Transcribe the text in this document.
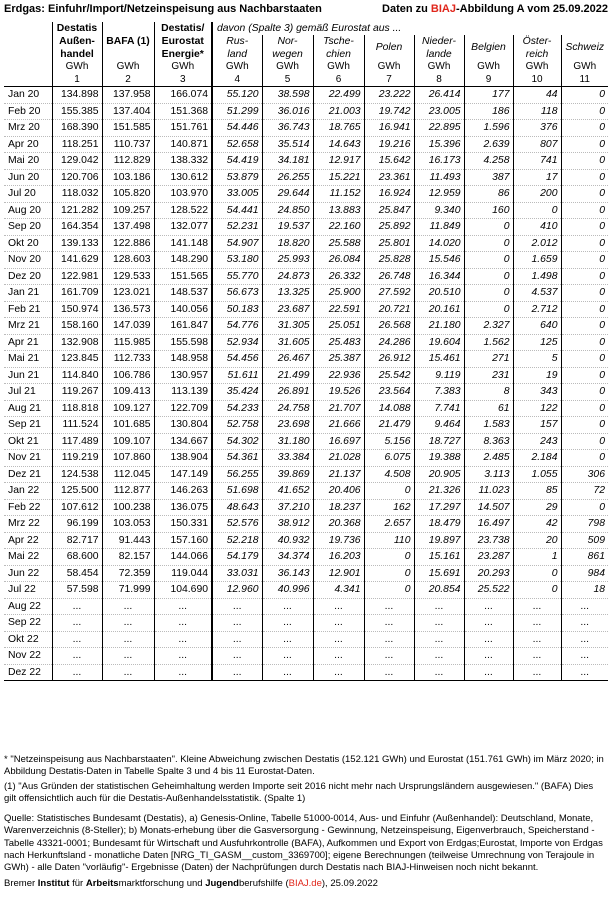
Erdgas: Einfuhr/Import/Netzeinspeisung aus Nachbarstaaten	Daten zu BIAJ-Abbildung A vom 25.09.2022

	Destatis Außen-handel	BAFA (1)	Destatis/ Eurostat Energie*	davon (Spalte 3) gemäß Eurostat aus ...							

				Rus-land	Nor-wegen	Tsche-chien	Polen	Nieder-lande	Belgien	Öster-reich	Schweiz

	GWh	GWh	GWh	GWh	GWh	GWh	GWh	GWh	GWh	GWh	GWh
	1	2	3	4	5	6	7	8	9	10	11
Jan 20	134.898	137.958	166.074	55.120	38.598	22.499	23.222	26.414	177	44	0
Feb 20	155.385	137.404	151.368	51.299	36.016	21.003	19.742	23.005	186	118	0
Mrz 20	168.390	151.585	151.761	54.446	36.743	18.765	16.941	22.895	1.596	376	0
Apr 20	118.251	110.737	140.871	52.658	35.514	14.643	19.216	15.396	2.639	807	0
Mai 20	129.042	112.829	138.332	54.419	34.181	12.917	15.642	16.173	4.258	741	0
Jun 20	120.706	103.186	130.612	53.879	26.255	15.221	23.361	11.493	387	17	0
Jul 20	118.032	105.820	103.970	33.005	29.644	11.152	16.924	12.959	86	200	0
Aug 20	121.282	109.257	128.522	54.441	24.850	13.883	25.847	9.340	160	0	0
Sep 20	164.354	137.498	132.077	52.231	19.537	22.160	25.892	11.849	0	410	0
Okt 20	139.133	122.886	141.148	54.907	18.820	25.588	25.801	14.020	0	2.012	0
Nov 20	141.629	128.603	148.290	53.180	25.993	26.084	25.828	15.546	0	1.659	0
Dez 20	122.981	129.533	151.565	55.770	24.873	26.332	26.748	16.344	0	1.498	0
Jan 21	161.709	123.021	148.537	56.673	13.325	25.900	27.592	20.510	0	4.537	0
Feb 21	150.974	136.573	140.056	50.183	23.687	22.591	20.721	20.161	0	2.712	0
Mrz 21	158.160	147.039	161.847	54.776	31.305	25.051	26.568	21.180	2.327	640	0
Apr 21	132.908	115.985	155.598	52.934	31.605	25.483	24.286	19.604	1.562	125	0
Mai 21	123.845	112.733	148.958	54.456	26.467	25.387	26.912	15.461	271	5	0
Jun 21	114.840	106.786	130.957	51.611	21.499	22.936	25.542	9.119	231	19	0
Jul 21	119.267	109.413	113.139	35.424	26.891	19.526	23.564	7.383	8	343	0
Aug 21	118.818	109.127	122.709	54.233	24.758	21.707	14.088	7.741	61	122	0
Sep 21	111.524	101.685	130.804	52.758	23.698	21.666	21.479	9.464	1.583	157	0
Okt 21	117.489	109.107	134.667	54.302	31.180	16.697	5.156	18.727	8.363	243	0
Nov 21	119.219	107.860	138.904	54.361	33.384	21.028	6.075	19.388	2.485	2.184	0
Dez 21	124.538	112.045	147.149	56.255	39.869	21.137	4.508	20.905	3.113	1.055	306
Jan 22	125.500	112.877	146.263	51.698	41.652	20.406	0	21.326	11.023	85	72
Feb 22	107.612	100.238	136.075	48.643	37.210	18.237	162	17.297	14.507	29	0
Mrz 22	96.199	103.053	150.331	52.576	38.912	20.368	2.657	18.479	16.497	42	798
Apr 22	82.717	91.443	157.160	52.218	40.932	19.736	110	19.897	23.738	20	509
Mai 22	68.600	82.157	144.066	54.179	34.374	16.203	0	15.161	23.287	1	861
Jun 22	58.454	72.359	119.044	33.031	36.143	12.901	0	15.691	20.293	0	984
Jul 22	57.598	71.999	104.690	12.960	40.996	4.341	0	20.854	25.522	0	18
Aug 22	...	...	...	...	...	...	...	...	...	...	...
Sep 22	...	...	...	...	...	...	...	...	...	...	...
Okt 22	...	...	...	...	...	...	...	...	...	...	...
Nov 22	...	...	...	...	...	...	...	...	...	...	...
Dez 22	...	...	...	...	...	...	...	...	...	...	...

* "Netzeinspeisung aus Nachbarstaaten". Kleine Abweichung zwischen Destatis (152.121 GWh) und Eurostat (151.761 GWh) im März 2020; in Abbildung Destatis-Daten in Tabelle Spalte 3 und 4 bis 11 Eurostat-Daten.

(1) "Aus Gründen der statistischen Geheimhaltung werden Importe seit 2016 nicht mehr nach Ursprungsländern ausgewiesen." (BAFA) Dies gilt offensichtlich auch für die Destatis-Außenhandelsstatistik. (Spalte 1)

Quelle: Statistisches Bundesamt (Destatis), a) Genesis-Online, Tabelle 51000-0014, Aus- und Einfuhr (Außenhandel): Deutschland, Monate, Warenverzeichnis (8-Steller); b) Monats-erhebung über die Gasversorgung - Gewinnung, Netzeinspeisung, Eigenverbrauch, Speicherstand - Tabelle 43321-0001; Bundesamt für Wirtschaft und Ausfuhrkontrolle (BAFA), Aufkommen und Export von Erdgas;Eurostat, Importe von Erdgas nach Herkunftsland - monatliche Daten [NRG_TI_GASM__custom_3369700]; eigene Berechnungen (teilweise Umrechnung von Terajoule in GWh) - alle Daten "vorläufig"- Ergebnisse (Daten) der Nachprüfungen durch Destatis nach BIAJ-Hinweisen noch nicht bekannt.

Bremer Institut für Arbeitsmarktforschung und Jugendberufshilfe (BIAJ.de), 25.09.2022
